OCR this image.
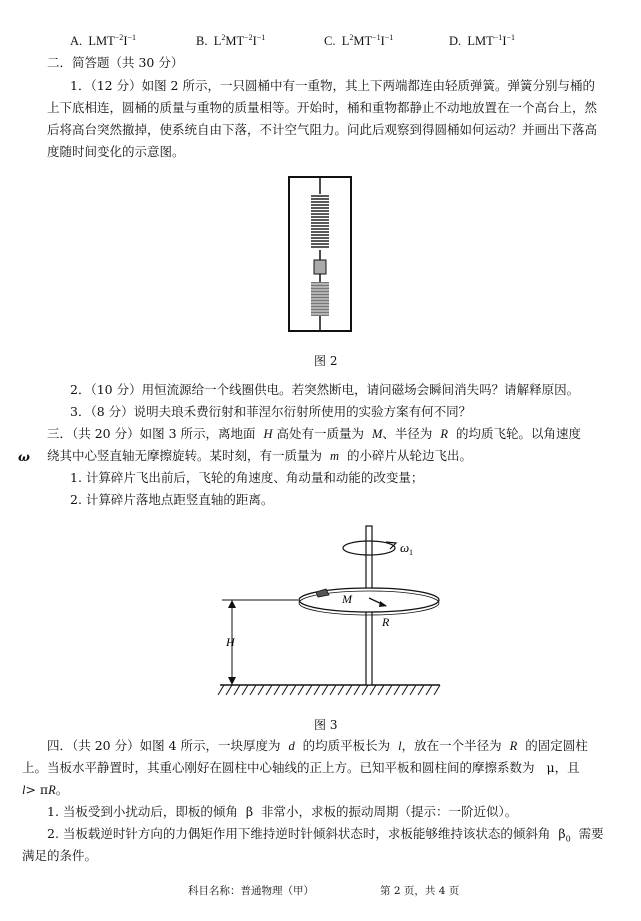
A. $LMT^{-2}I^{-1}$	B. $L^2MT^{-2}I^{-1}$	C. $L^2MT^{-1}I^{-1}$	D. $LMT^{-1}I^{-1}$
二．简答题（共 30 分）
1．（12 分）如图 2 所示，一只圆桶中有一重物，其上下两端都连由轻质弹簧。弹簧分别与桶的
上下底相连，圆桶的质量与重物的质量相等。开始时，桶和重物都静止不动地放置在一个高台上，然
后将高台突然撤掉，使系统自由下落，不计空气阻力。问此后观察到得圆桶如何运动？并画出下落高
度随时间变化的示意图。
图 2
2．（10 分）用恒流源给一个线圈供电。若突然断电，请问磁场会瞬间消失吗？请解释原因。
3．（8 分）说明夫琅禾费衍射和菲涅尔衍射所使用的实验方案有何不同？
三．（共 20 分）如图 3 所示，离地面 H 高处有一质量为 M、半径为 R 的均质飞轮。以角速度
ω 绕其中心竖直轴无摩擦旋转。某时刻，有一质量为 m 的小碎片从轮边飞出。
1. 计算碎片飞出前后，飞轮的角速度、角动量和动能的改变量；
2. 计算碎片落地点距竖直轴的距离。
ω 1
M
R
H
图 3
四．（共 20 分）如图 4 所示，一块厚度为 d 的均质平板长为 l，放在一个半径为 R 的固定圆柱
上。当板水平静置时，其重心刚好在圆柱中心轴线的正上方。已知平板和圆柱间的摩擦系数为 μ，且
l> πR。
1. 当板受到小扰动后，即板的倾角 β 非常小，求板的振动周期（提示：一阶近似）。
2. 当板载逆时针方向的力偶矩作用下维持逆时针倾斜状态时，求板能够维持该状态的倾斜角 $\beta_0$ 需要
满足的条件。
科目名称：普通物理（甲）	第 2 页，共 4 页
